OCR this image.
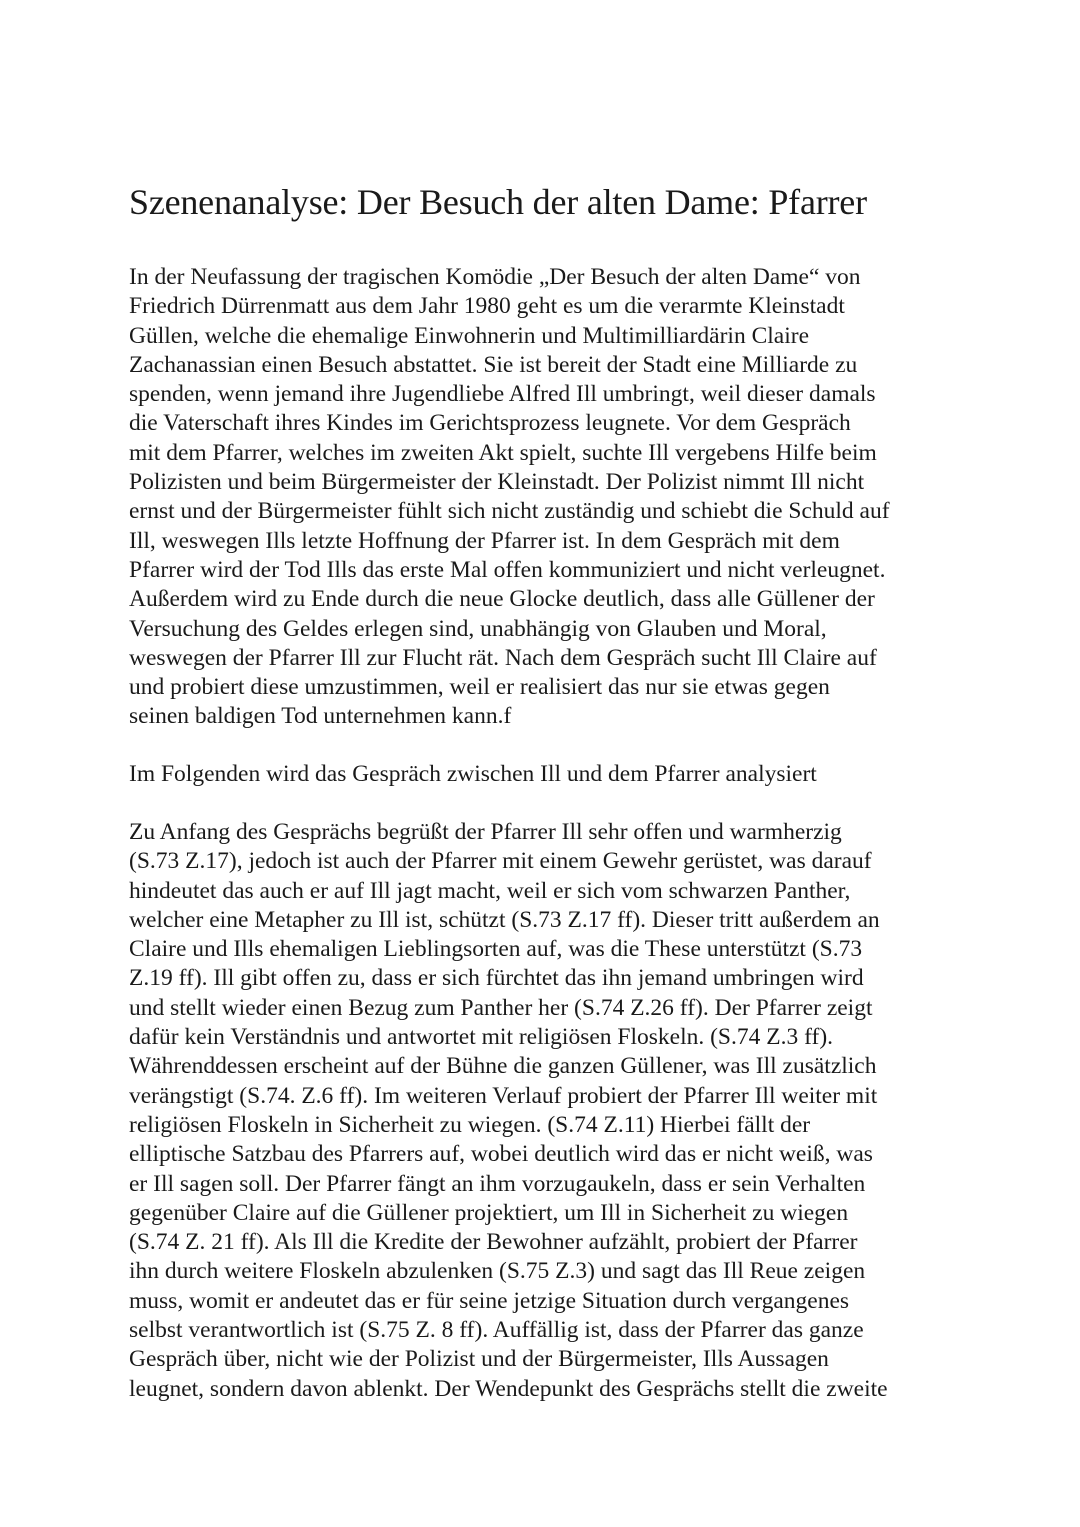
Szenenanalyse: Der Besuch der alten Dame: Pfarrer

In der Neufassung der tragischen Komödie „Der Besuch der alten Dame“ von
Friedrich Dürrenmatt aus dem Jahr 1980 geht es um die verarmte Kleinstadt
Güllen, welche die ehemalige Einwohnerin und Multimilliardärin Claire
Zachanassian einen Besuch abstattet. Sie ist bereit der Stadt eine Milliarde zu
spenden, wenn jemand ihre Jugendliebe Alfred Ill umbringt, weil dieser damals
die Vaterschaft ihres Kindes im Gerichtsprozess leugnete. Vor dem Gespräch
mit dem Pfarrer, welches im zweiten Akt spielt, suchte Ill vergebens Hilfe beim
Polizisten und beim Bürgermeister der Kleinstadt. Der Polizist nimmt Ill nicht
ernst und der Bürgermeister fühlt sich nicht zuständig und schiebt die Schuld auf
Ill, weswegen Ills letzte Hoffnung der Pfarrer ist. In dem Gespräch mit dem
Pfarrer wird der Tod Ills das erste Mal offen kommuniziert und nicht verleugnet.
Außerdem wird zu Ende durch die neue Glocke deutlich, dass alle Güllener der
Versuchung des Geldes erlegen sind, unabhängig von Glauben und Moral,
weswegen der Pfarrer Ill zur Flucht rät. Nach dem Gespräch sucht Ill Claire auf
und probiert diese umzustimmen, weil er realisiert das nur sie etwas gegen
seinen baldigen Tod unternehmen kann.f

Im Folgenden wird das Gespräch zwischen Ill und dem Pfarrer analysiert

Zu Anfang des Gesprächs begrüßt der Pfarrer Ill sehr offen und warmherzig
(S.73 Z.17), jedoch ist auch der Pfarrer mit einem Gewehr gerüstet, was darauf
hindeutet das auch er auf Ill jagt macht, weil er sich vom schwarzen Panther,
welcher eine Metapher zu Ill ist, schützt (S.73 Z.17 ff). Dieser tritt außerdem an
Claire und Ills ehemaligen Lieblingsorten auf, was die These unterstützt (S.73
Z.19 ff). Ill gibt offen zu, dass er sich fürchtet das ihn jemand umbringen wird
und stellt wieder einen Bezug zum Panther her (S.74 Z.26 ff). Der Pfarrer zeigt
dafür kein Verständnis und antwortet mit religiösen Floskeln. (S.74 Z.3 ff).
Währenddessen erscheint auf der Bühne die ganzen Güllener, was Ill zusätzlich
verängstigt (S.74. Z.6 ff). Im weiteren Verlauf probiert der Pfarrer Ill weiter mit
religiösen Floskeln in Sicherheit zu wiegen. (S.74 Z.11) Hierbei fällt der
elliptische Satzbau des Pfarrers auf, wobei deutlich wird das er nicht weiß, was
er Ill sagen soll. Der Pfarrer fängt an ihm vorzugaukeln, dass er sein Verhalten
gegenüber Claire auf die Güllener projektiert, um Ill in Sicherheit zu wiegen
(S.74 Z. 21 ff). Als Ill die Kredite der Bewohner aufzählt, probiert der Pfarrer
ihn durch weitere Floskeln abzulenken (S.75 Z.3) und sagt das Ill Reue zeigen
muss, womit er andeutet das er für seine jetzige Situation durch vergangenes
selbst verantwortlich ist (S.75 Z. 8 ff). Auffällig ist, dass der Pfarrer das ganze
Gespräch über, nicht wie der Polizist und der Bürgermeister, Ills Aussagen
leugnet, sondern davon ablenkt. Der Wendepunkt des Gesprächs stellt die zweite
